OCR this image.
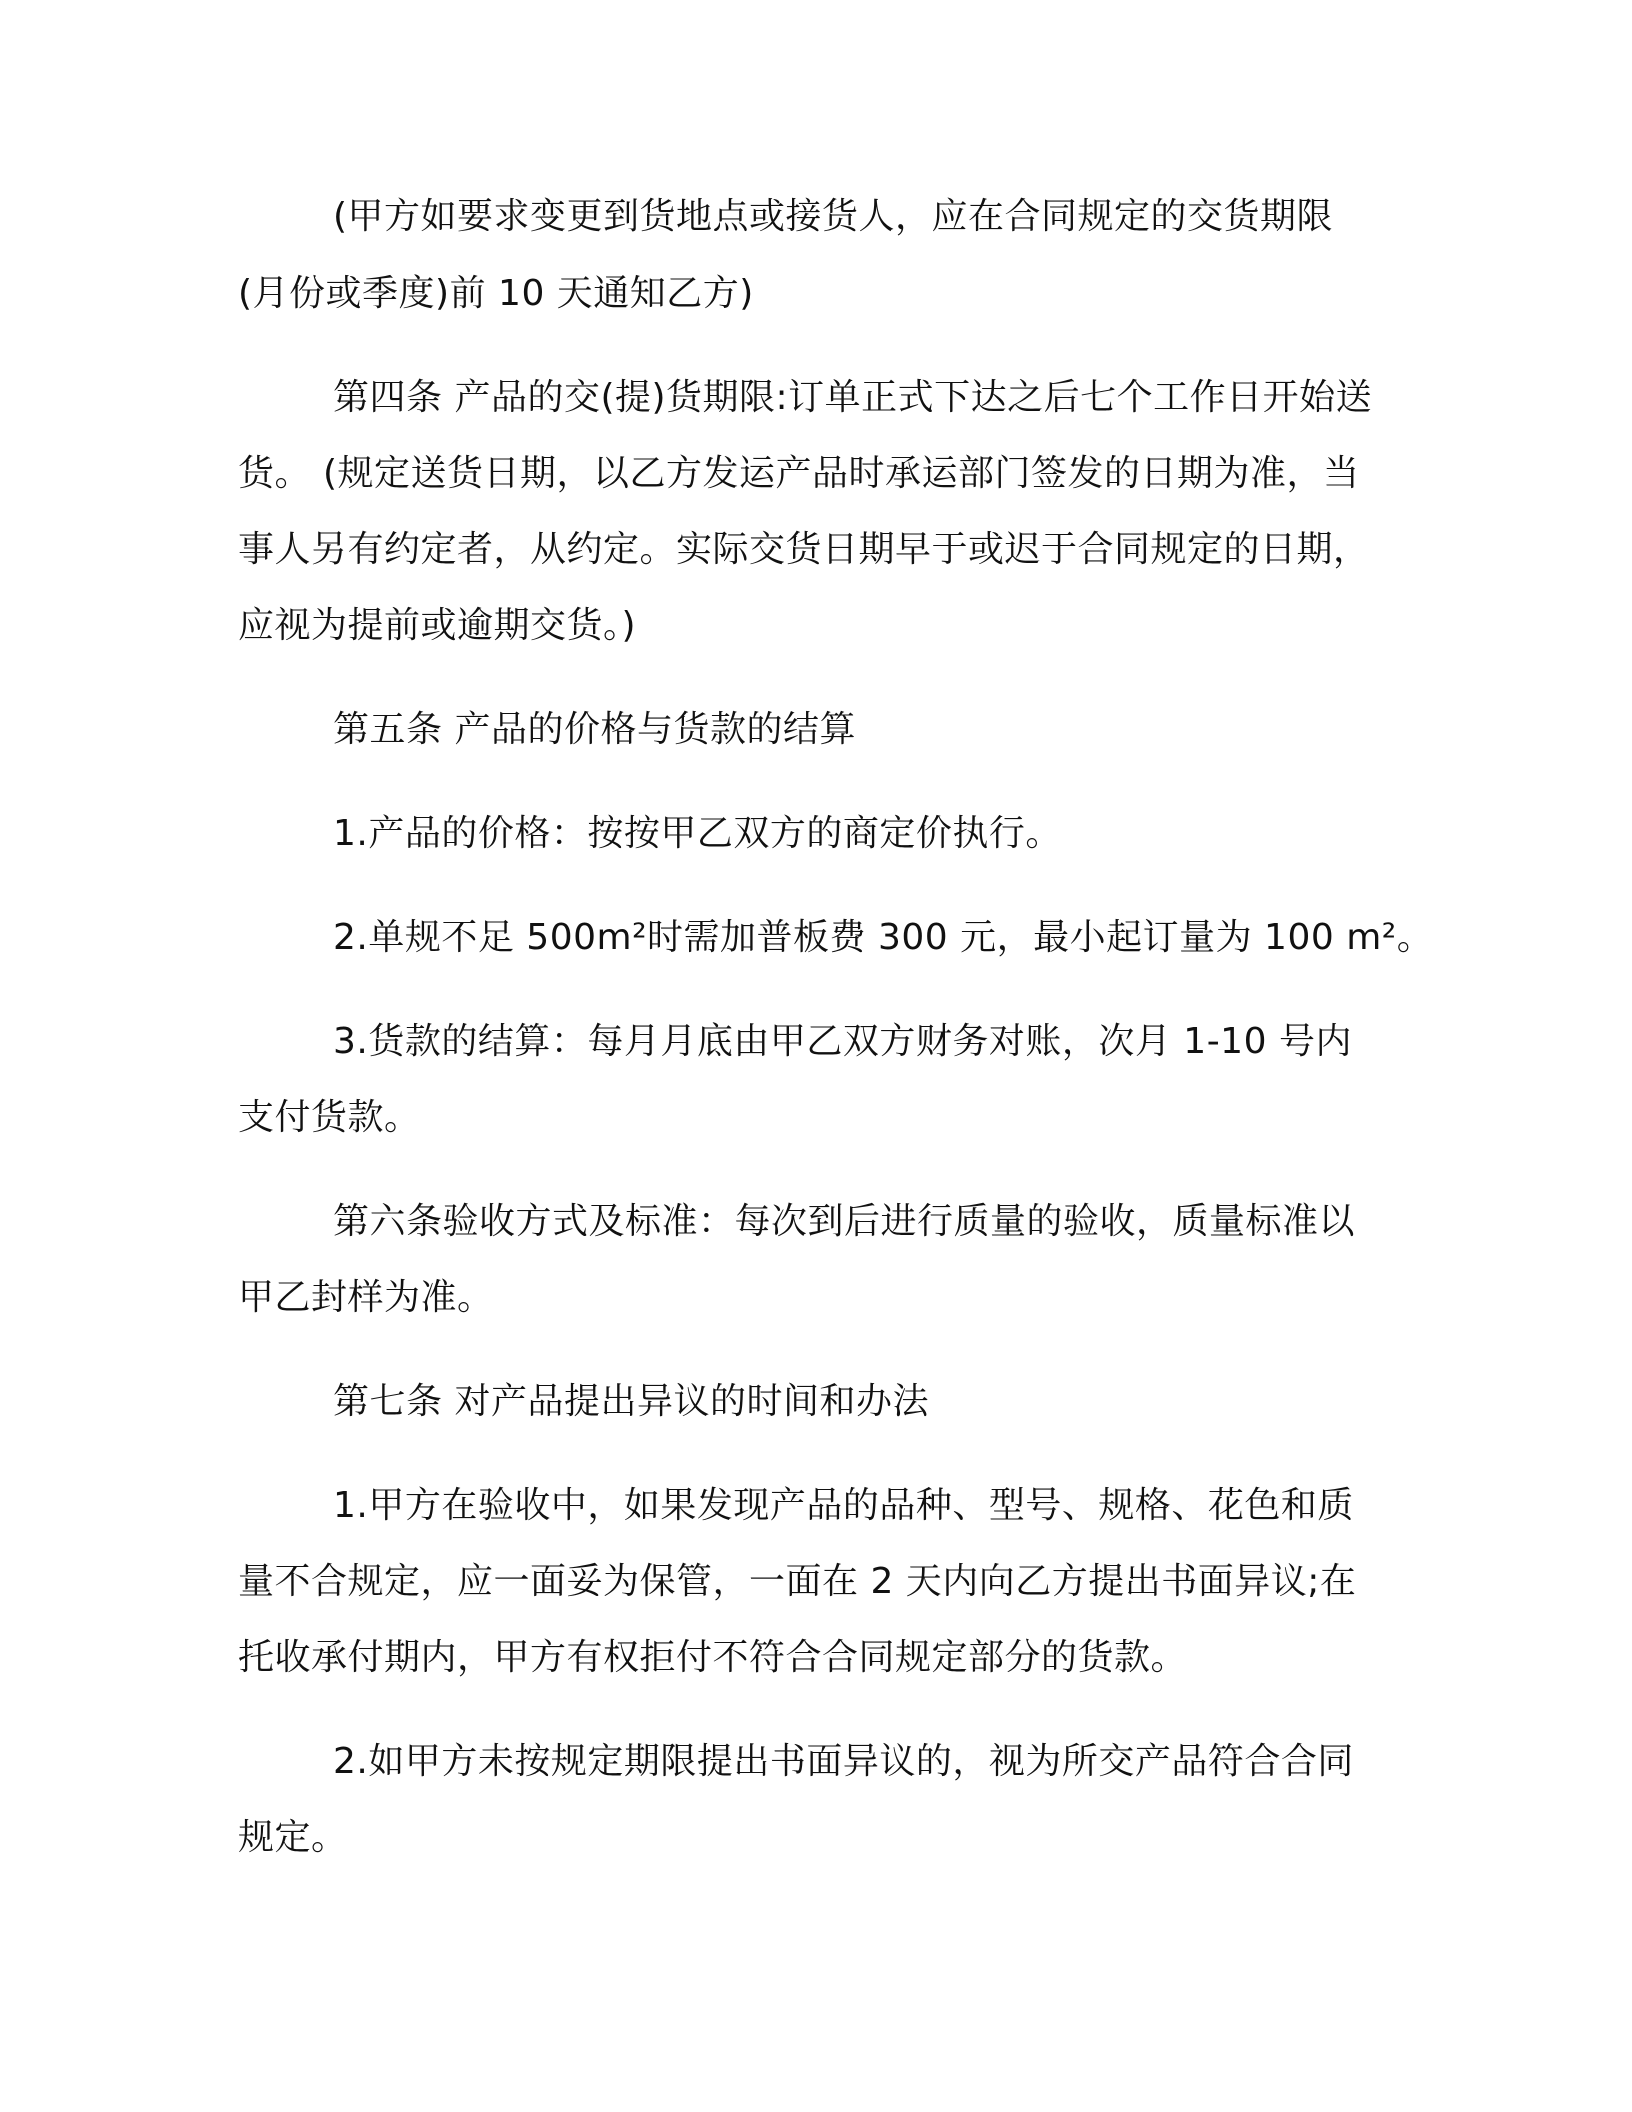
(甲方如要求变更到货地点或接货人，应在合同规定的交货期限

(月份或季度)前 10 天通知乙方)

第四条 产品的交(提)货期限:订单正式下达之后七个工作日开始送

货。 (规定送货日期，以乙方发运产品时承运部门签发的日期为准，当

事人另有约定者，从约定。实际交货日期早于或迟于合同规定的日期，

应视为提前或逾期交货。)

第五条 产品的价格与货款的结算

1.产品的价格：按按甲乙双方的商定价执行。

2.单规不足 500m²时需加普板费 300 元，最小起订量为 100 m²。

3.货款的结算：每月月底由甲乙双方财务对账，次月 1-10 号内

支付货款。

第六条验收方式及标准：每次到后进行质量的验收，质量标准以

甲乙封样为准。

第七条 对产品提出异议的时间和办法

1.甲方在验收中，如果发现产品的品种、型号、规格、花色和质

量不合规定，应一面妥为保管，一面在 2 天内向乙方提出书面异议;在

托收承付期内，甲方有权拒付不符合合同规定部分的货款。

2.如甲方未按规定期限提出书面异议的，视为所交产品符合合同

规定。
